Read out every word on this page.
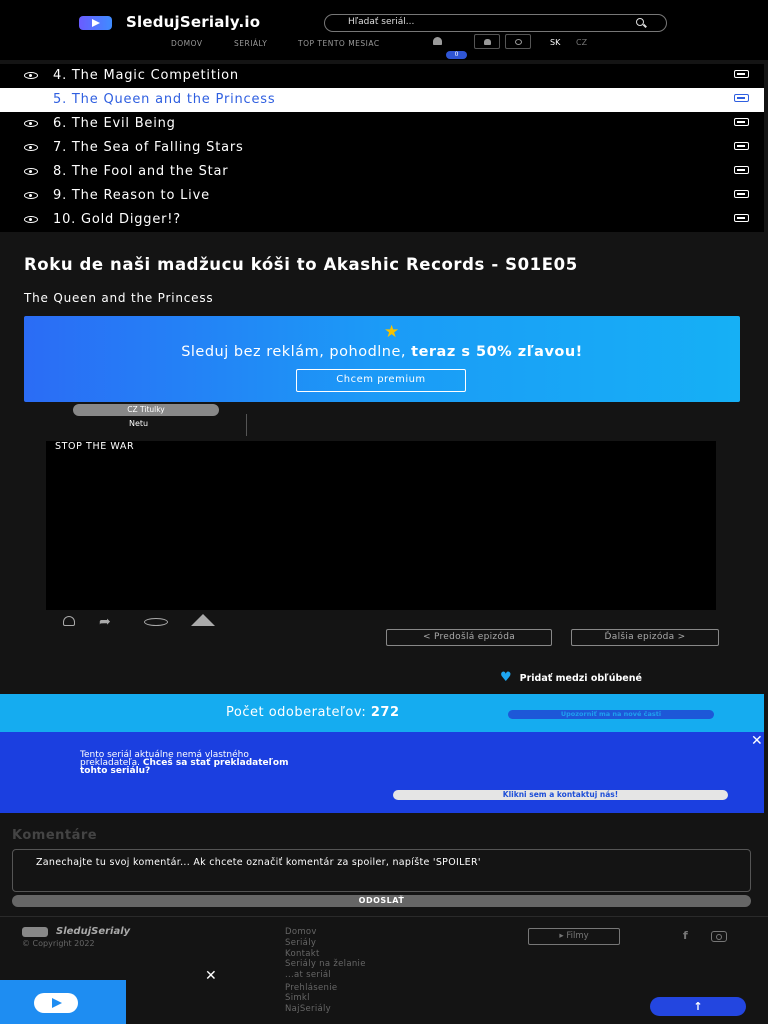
SledujSerialy.io	Hľadať seriál...
DOMOV	SERIÁLY	TOP TENTO MESIAC
0
SK CZ
4. The Magic Competition
5. The Queen and the Princess
6. The Evil Being
7. The Sea of Falling Stars
8. The Fool and the Star
9. The Reason to Live
10. Gold Digger!?
Roku de naši madžucu kóši to Akashic Records - S01E05
The Queen and the Princess
★
Sleduj bez reklám, pohodlne, teraz s 50% zľavou!
Chcem premium
CZ Titulky
Netu
STOP THE WAR
➦
< Predošlá epizóda	Ďalšia epizóda >
♥ Pridať medzi obľúbené
Počet odoberateľov: 272	Upozorniť ma na nové časti
Tento seriál aktuálne nemá vlastného prekladateľa. Chceš sa stať prekladateľom tohto seriálu?
Klikni sem a kontaktuj nás!
✕
Komentáre
Zanechajte tu svoj komentár... Ak chcete označiť komentár za spoiler, napíšte 'SPOILER'
ODOSLAŤ
SledujSerialy
© Copyright 2022
Domov
Seriály
Kontakt
Seriály na želanie
...at seriál
Prehlásenie
Simkl
NajSeriály
▸ Filmy	f
✕
↑
